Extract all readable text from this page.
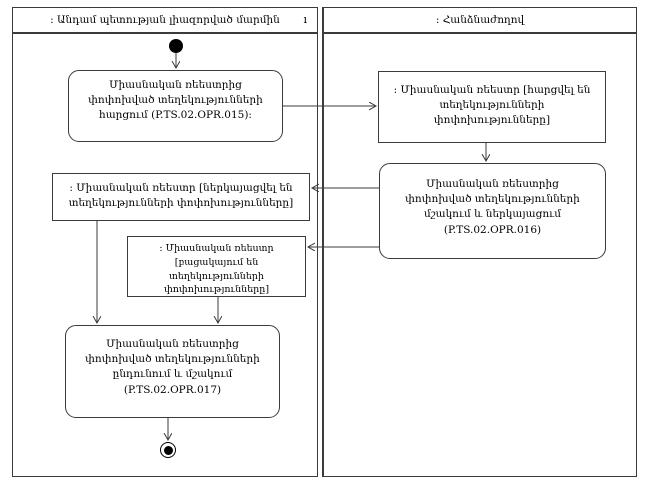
: Անդամ պետության լիազորված մարմին ı	: Հանձնաժողով
Միասնական ռեեստրից փոփոխված տեղեկությունների հարցում (P.TS.02.OPR.015):
: Միասնական ռեեստր [հարցվել են տեղեկությունների փոփոխությունները]
Միասնական ռեեստրից փոփոխված տեղեկությունների մշակում և ներկայացում (P.TS.02.OPR.016)
: Միասնական ռեեստր [ներկայացվել են տեղեկությունների փոփոխությունները]
: Միասնական ռեեստր [բացակայում են տեղեկությունների փոփոխությունները]
Միասնական ռեեստրից փոփոխված տեղեկությունների ընդունում և մշակում (P.TS.02.OPR.017)
